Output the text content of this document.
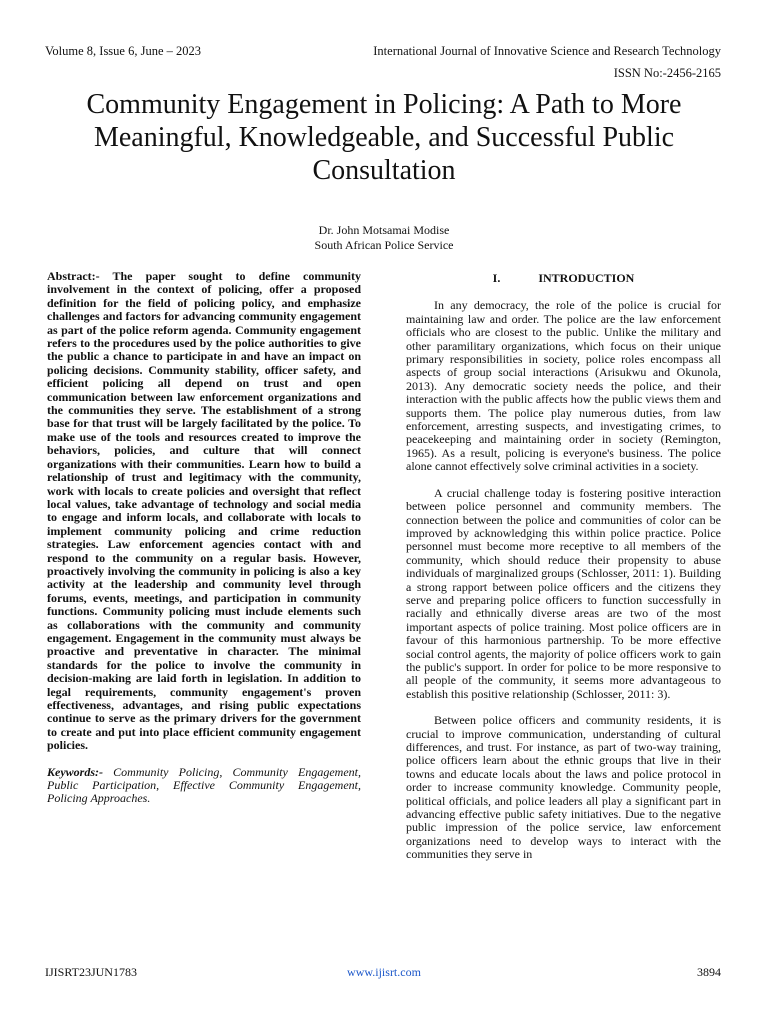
Volume 8, Issue 6, June – 2023	International Journal of Innovative Science and Research Technology
ISSN No:-2456-2165
Community Engagement in Policing: A Path to More Meaningful, Knowledgeable, and Successful Public Consultation
Dr. John Motsamai Modise
South African Police Service

Abstract:- The paper sought to define community involvement in the context of policing, offer a proposed definition for the field of policing policy, and emphasize challenges and factors for advancing community engagement as part of the police reform agenda. Community engagement refers to the procedures used by the police authorities to give the public a chance to participate in and have an impact on policing decisions. Community stability, officer safety, and efficient policing all depend on trust and open communication between law enforcement organizations and the communities they serve. The establishment of a strong base for that trust will be largely facilitated by the police. To make use of the tools and resources created to improve the behaviors, policies, and culture that will connect organizations with their communities. Learn how to build a relationship of trust and legitimacy with the community, work with locals to create policies and oversight that reflect local values, take advantage of technology and social media to engage and inform locals, and collaborate with locals to implement community policing and crime reduction strategies. Law enforcement agencies contact with and respond to the community on a regular basis. However, proactively involving the community in policing is also a key activity at the leadership and community level through forums, events, meetings, and participation in community functions. Community policing must include elements such as collaborations with the community and community engagement. Engagement in the community must always be proactive and preventative in character. The minimal standards for the police to involve the community in decision-making are laid forth in legislation. In addition to legal requirements, community engagement's proven effectiveness, advantages, and rising public expectations continue to serve as the primary drivers for the government to create and put into place efficient community engagement policies.

Keywords:- Community Policing, Community Engagement, Public Participation, Effective Community Engagement, Policing Approaches.

I.	INTRODUCTION

In any democracy, the role of the police is crucial for maintaining law and order. The police are the law enforcement officials who are closest to the public. Unlike the military and other paramilitary organizations, which focus on their unique primary responsibilities in society, police roles encompass all aspects of group social interactions (Arisukwu and Okunola, 2013). Any democratic society needs the police, and their interaction with the public affects how the public views them and supports them. The police play numerous duties, from law enforcement, arresting suspects, and investigating crimes, to peacekeeping and maintaining order in society (Remington, 1965). As a result, policing is everyone's business. The police alone cannot effectively solve criminal activities in a society.

A crucial challenge today is fostering positive interaction between police personnel and community members. The connection between the police and communities of color can be improved by acknowledging this within police practice. Police personnel must become more receptive to all members of the community, which should reduce their propensity to abuse individuals of marginalized groups (Schlosser, 2011: 1). Building a strong rapport between police officers and the citizens they serve and preparing police officers to function successfully in racially and ethnically diverse areas are two of the most important aspects of police training. Most police officers are in favour of this harmonious partnership. To be more effective social control agents, the majority of police officers work to gain the public's support. In order for police to be more responsive to all people of the community, it seems more advantageous to establish this positive relationship (Schlosser, 2011: 3).

Between police officers and community residents, it is crucial to improve communication, understanding of cultural differences, and trust. For instance, as part of two-way training, police officers learn about the ethnic groups that live in their towns and educate locals about the laws and police protocol in order to increase community knowledge. Community people, political officials, and police leaders all play a significant part in advancing effective public safety initiatives. Due to the negative public impression of the police service, law enforcement organizations need to develop ways to interact with the communities they serve in

IJISRT23JUN1783	www.ijisrt.com	3894
